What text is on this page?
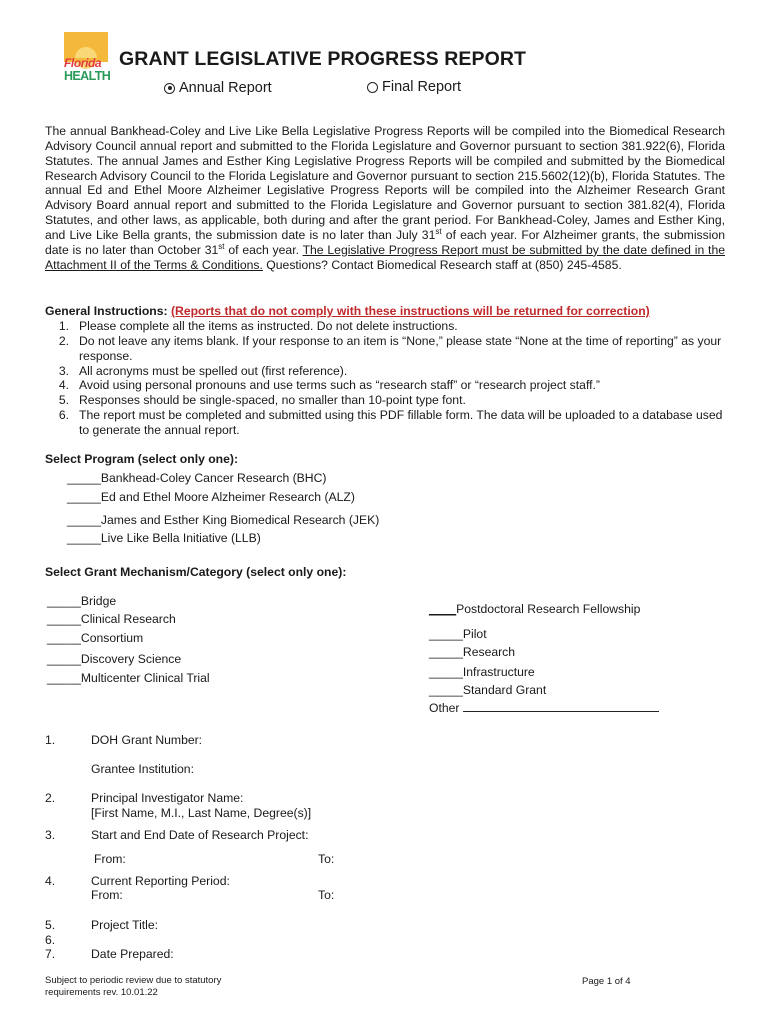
Florida
HEALTH
GRANT LEGISLATIVE PROGRESS REPORT
Annual Report	Final Report
The annual Bankhead-Coley and Live Like Bella Legislative Progress Reports will be compiled into the Biomedical Research Advisory Council annual report and submitted to the Florida Legislature and Governor pursuant to section 381.922(6), Florida Statutes. The annual James and Esther King Legislative Progress Reports will be compiled and submitted by the Biomedical Research Advisory Council to the Florida Legislature and Governor pursuant to section 215.5602(12)(b), Florida Statutes. The annual Ed and Ethel Moore Alzheimer Legislative Progress Reports will be compiled into the Alzheimer Research Grant Advisory Board annual report and submitted to the Florida Legislature and Governor pursuant to section 381.82(4), Florida Statutes, and other laws, as applicable, both during and after the grant period. For Bankhead-Coley, James and Esther King, and Live Like Bella grants, the submission date is no later than July 31st of each year. For Alzheimer grants, the submission date is no later than October 31st of each year. The Legislative Progress Report must be submitted by the date defined in the Attachment II of the Terms & Conditions. Questions? Contact Biomedical Research staff at (850) 245-4585.
General Instructions: (Reports that do not comply with these instructions will be returned for correction)
1. Please complete all the items as instructed. Do not delete instructions.
2. Do not leave any items blank. If your response to an item is “None,” please state “None at the time of reporting” as your response.
3. All acronyms must be spelled out (first reference).
4. Avoid using personal pronouns and use terms such as “research staff” or “research project staff.”
5. Responses should be single-spaced, no smaller than 10-point type font.
6. The report must be completed and submitted using this PDF fillable form. The data will be uploaded to a database used to generate the annual report.
Select Program (select only one):
_____Bankhead-Coley Cancer Research (BHC)
_____Ed and Ethel Moore Alzheimer Research (ALZ)
_____James and Esther King Biomedical Research (JEK)
_____Live Like Bella Initiative (LLB)
Select Grant Mechanism/Category (select only one):
_____Bridge
_____Clinical Research
_____Consortium
_____Discovery Science
_____Multicenter Clinical Trial
____Postdoctoral Research Fellowship
_____Pilot
_____Research
_____Infrastructure
_____Standard Grant
Other
1.	DOH Grant Number:
Grantee Institution:
2.	Principal Investigator Name:
[First Name, M.I., Last Name, Degree(s)]
3.	Start and End Date of Research Project:
From:	To:
4.	Current Reporting Period:
From:	To:
5.	Project Title:
6.
7.	Date Prepared:
Subject to periodic review due to statutory
requirements rev. 10.01.22
Page 1 of 4
